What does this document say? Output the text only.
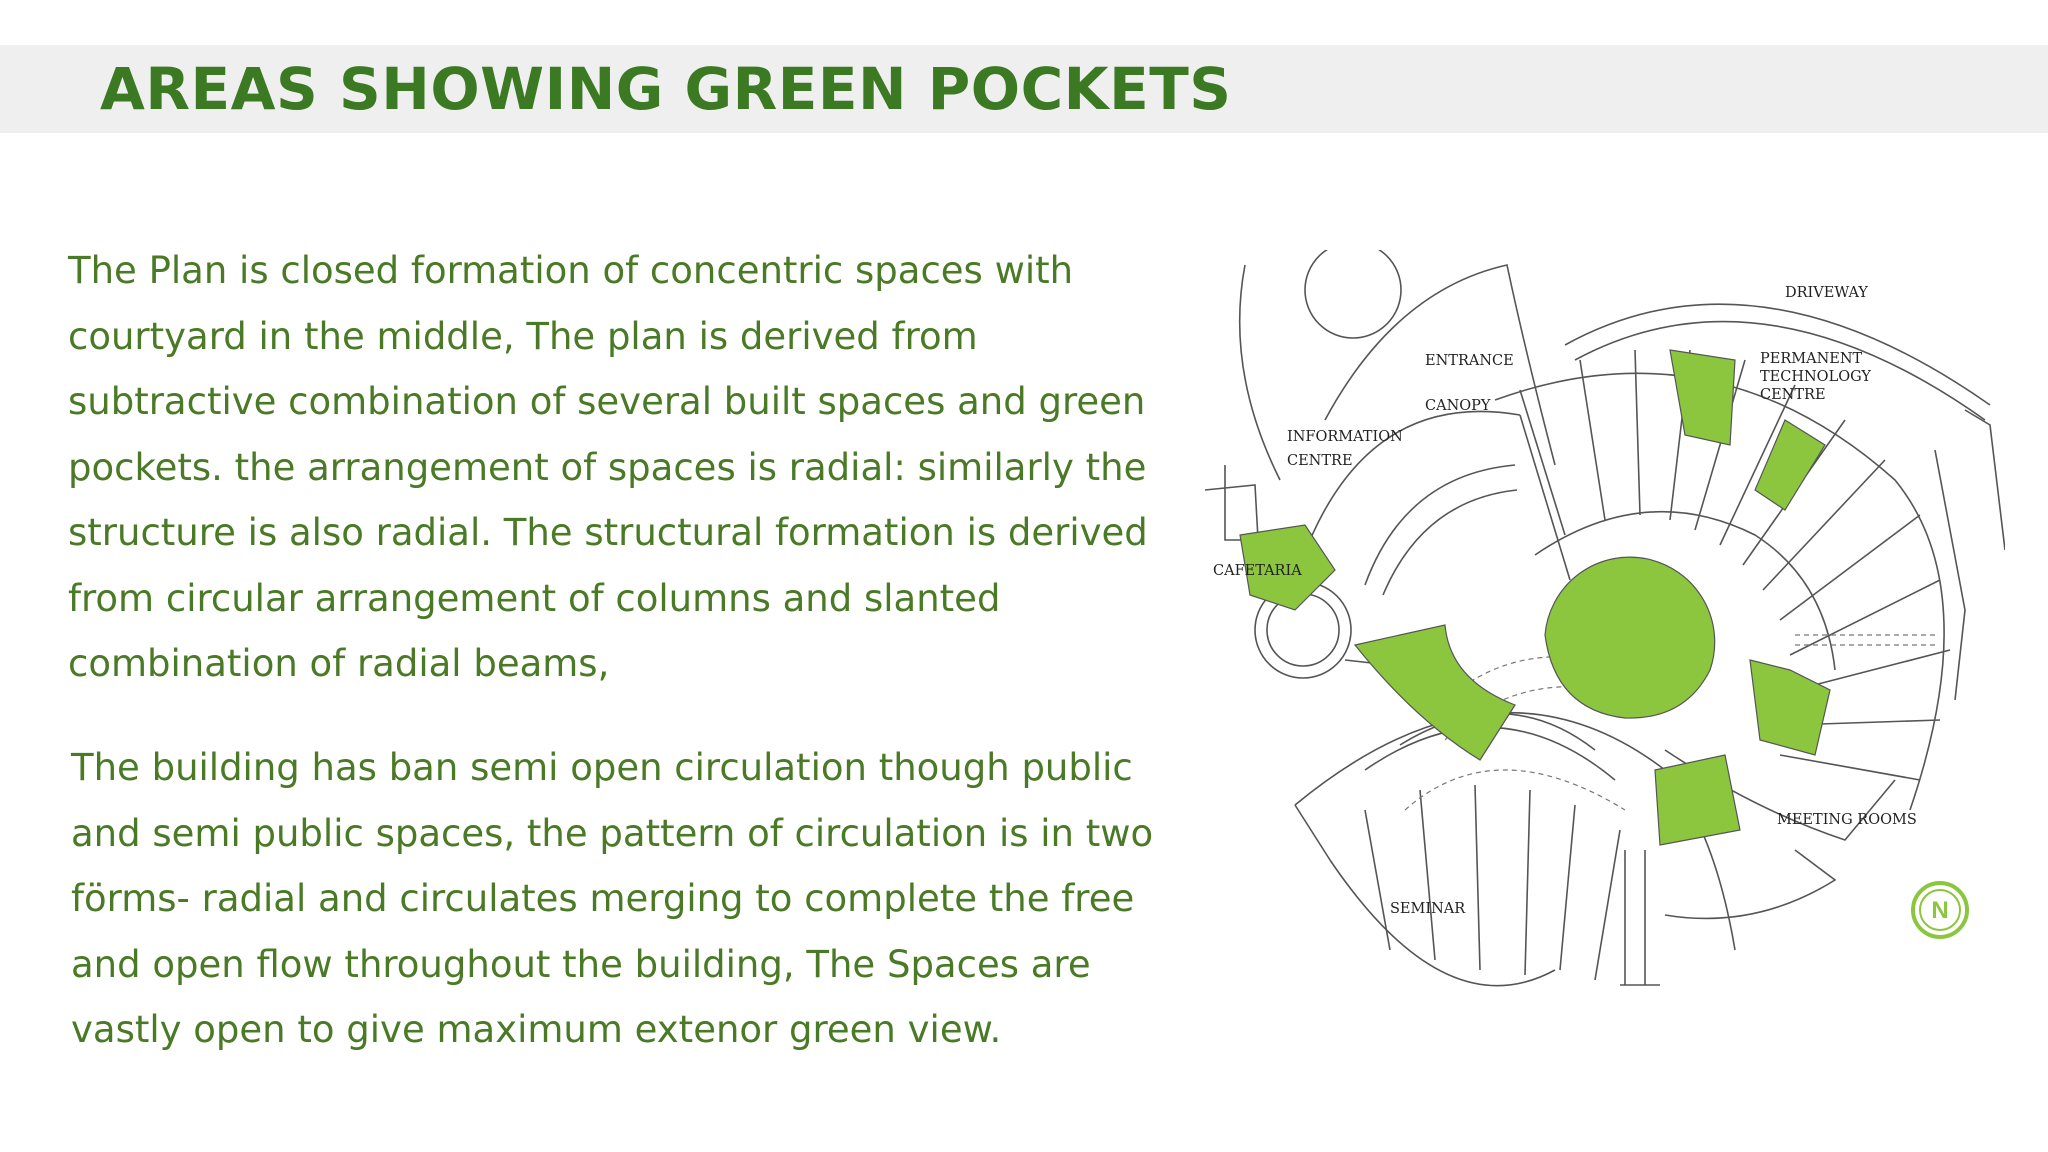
AREAS SHOWING GREEN POCKETS
The Plan is closed formation of concentric spaces with
courtyard in the middle, The plan is derived from
subtractive combination of several built spaces and green
pockets. the arrangement of spaces is radial: similarly the
structure is also radial. The structural formation is derived
from circular arrangement of columns and slanted
combination of radial beams,
The building has ban semi open circulation though public
and semi public spaces, the pattern of circulation is in two
förms- radial and circulates merging to complete the free
and open flow throughout the building, The Spaces are
vastly open to give maximum extenor green view.
N
DRIVEWAY
ENTRANCE
CANOPY
PERMANENT
TECHNOLOGY
CENTRE
INFORMATION
CENTRE
CAFETARIA
MEETING ROOMS
SEMINAR
